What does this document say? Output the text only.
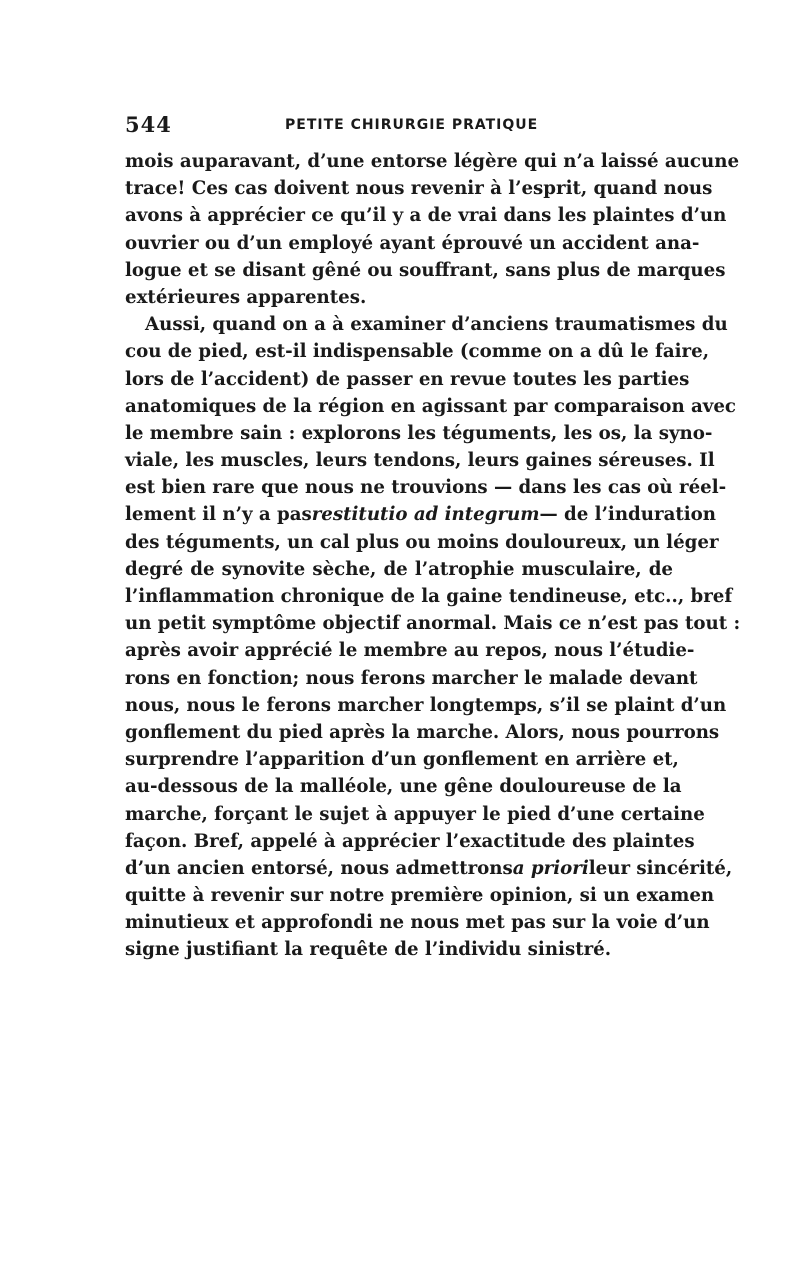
544	PETITE CHIRURGIE PRATIQUE
mois auparavant, d’une entorse légère qui n’a laissé aucune
trace! Ces cas doivent nous revenir à l’esprit, quand nous
avons à apprécier ce qu’il y a de vrai dans les plaintes d’un
ouvrier ou d’un employé ayant éprouvé un accident ana-
logue et se disant gêné ou souffrant, sans plus de marques
extérieures apparentes.
Aussi, quand on a à examiner d’anciens traumatismes du
cou de pied, est-il indispensable (comme on a dû le faire,
lors de l’accident) de passer en revue toutes les parties
anatomiques de la région en agissant par comparaison avec
le membre sain : explorons les téguments, les os, la syno-
viale, les muscles, leurs tendons, leurs gaines séreuses. Il
est bien rare que nous ne trouvions — dans les cas où réel-
lement il n’y a pas restitutio ad integrum — de l’induration
des téguments, un cal plus ou moins douloureux, un léger
degré de synovite sèche, de l’atrophie musculaire, de
l’inflammation chronique de la gaine tendineuse, etc.., bref
un petit symptôme objectif anormal. Mais ce n’est pas tout :
après avoir apprécié le membre au repos, nous l’étudie-
rons en fonction; nous ferons marcher le malade devant
nous, nous le ferons marcher longtemps, s’il se plaint d’un
gonflement du pied après la marche. Alors, nous pourrons
surprendre l’apparition d’un gonflement en arrière et,
au-dessous de la malléole, une gêne douloureuse de la
marche, forçant le sujet à appuyer le pied d’une certaine
façon. Bref, appelé à apprécier l’exactitude des plaintes
d’un ancien entorsé, nous admettrons a priori leur sincérité,
quitte à revenir sur notre première opinion, si un examen
minutieux et approfondi ne nous met pas sur la voie d’un
signe justifiant la requête de l’individu sinistré.
